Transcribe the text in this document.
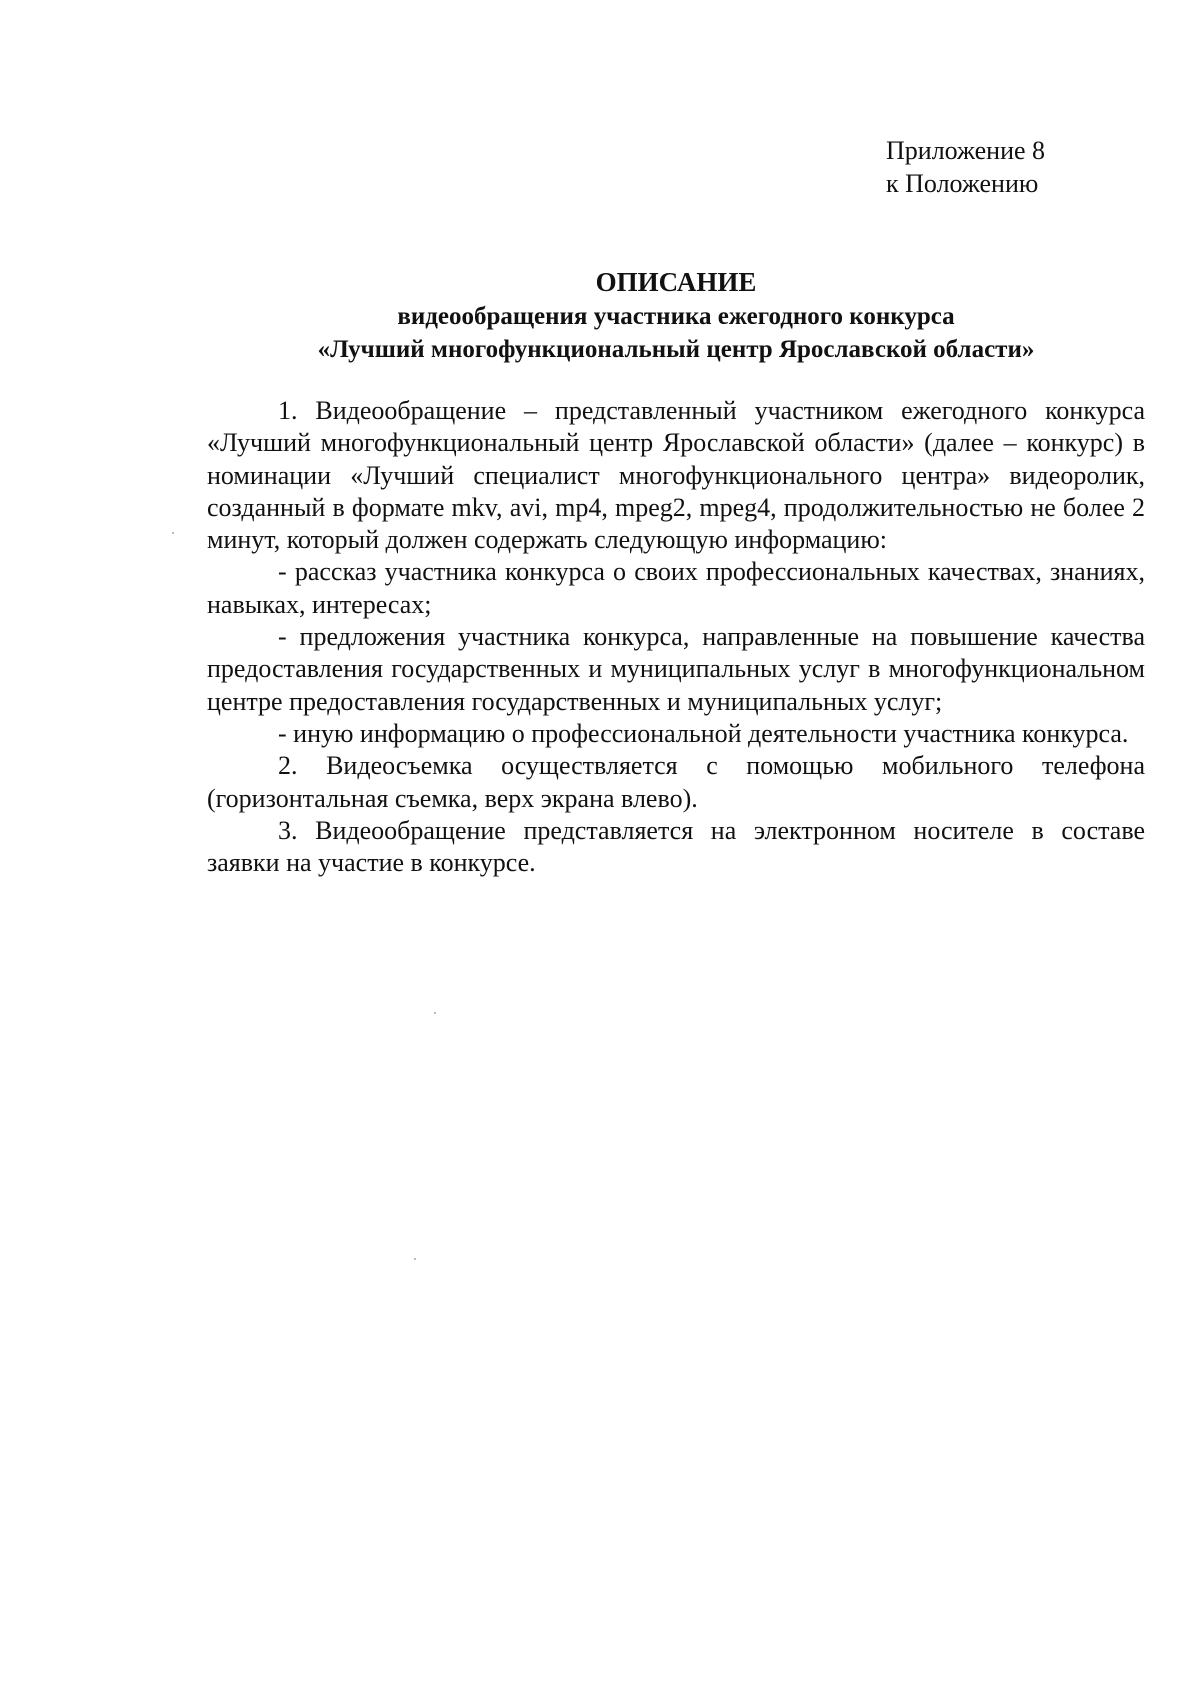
Приложение 8
к Положению
ОПИСАНИЕ
видеообращения участника ежегодного конкурса
«Лучший многофункциональный центр Ярославской области»

1. Видеообращение – представленный участником ежегодного конкурса «Лучший многофункциональный центр Ярославской области» (далее – конкурс) в номинации «Лучший специалист многофункционального центра» видеоролик, созданный в формате mkv, avi, mp4, mpeg2, mpeg4, продолжительностью не более 2 минут, который должен содержать следующую информацию:

- рассказ участника конкурса о своих профессиональных качествах, знаниях, навыках, интересах;

- предложения участника конкурса, направленные на повышение качества предоставления государственных и муниципальных услуг в многофункциональном центре предоставления государственных и муниципальных услуг;

- иную информацию о профессиональной деятельности участника конкурса.

2. Видеосъемка осуществляется с помощью мобильного телефона (горизонтальная съемка, верх экрана влево).

3. Видеообращение представляется на электронном носителе в составе заявки на участие в конкурсе.
